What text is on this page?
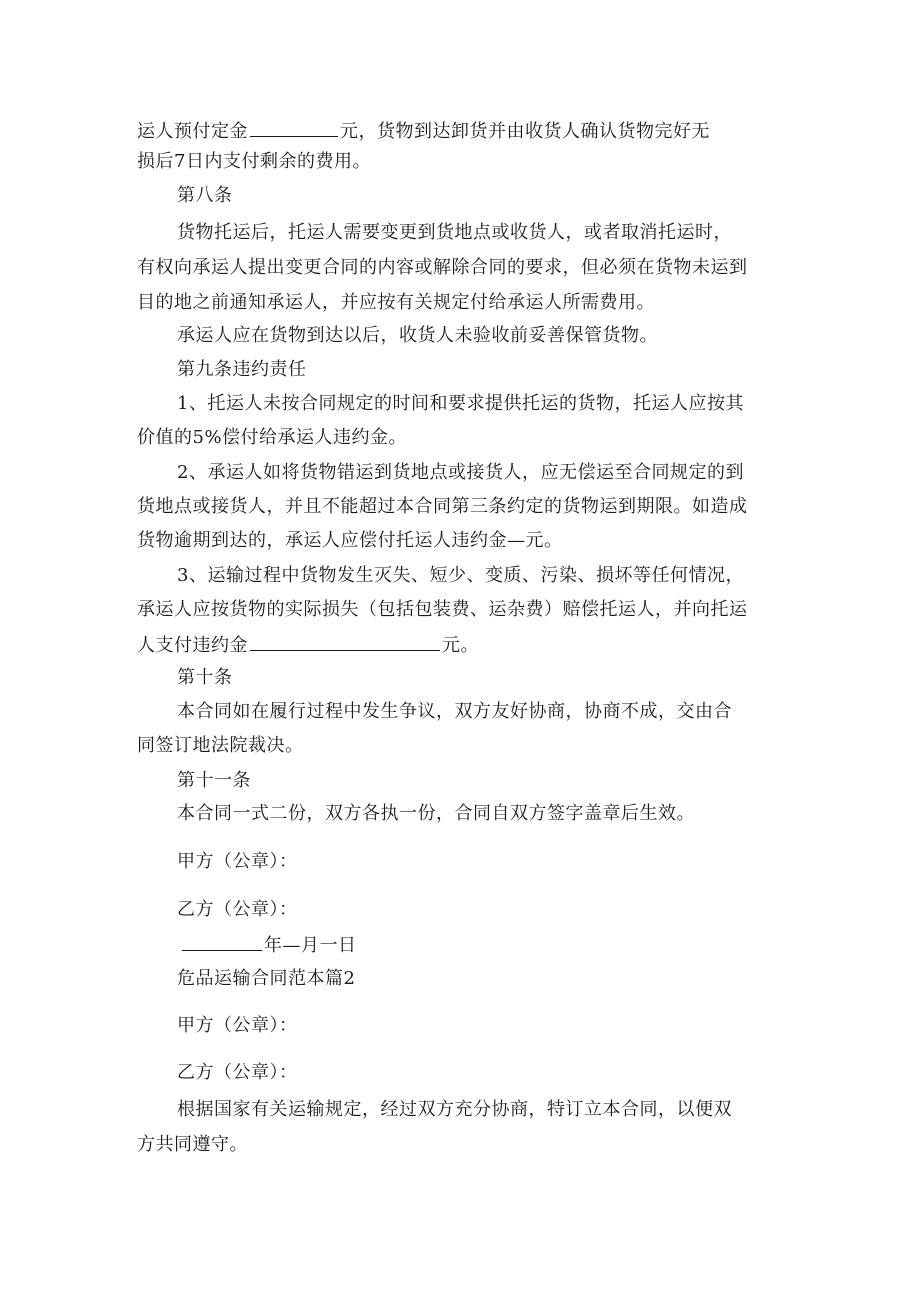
运人预付定金	元，货物到达卸货并由收货人确认货物完好无
损后7日内支付剩余的费用。
第八条
货物托运后，托运人需要变更到货地点或收货人，或者取消托运时，
有权向承运人提出变更合同的内容或解除合同的要求，但必须在货物未运到
目的地之前通知承运人，并应按有关规定付给承运人所需费用。
承运人应在货物到达以后，收货人未验收前妥善保管货物。
第九条违约责任
1、托运人未按合同规定的时间和要求提供托运的货物，托运人应按其
价值的5%偿付给承运人违约金。
2、承运人如将货物错运到货地点或接货人，应无偿运至合同规定的到
货地点或接货人，并且不能超过本合同第三条约定的货物运到期限。如造成
货物逾期到达的，承运人应偿付托运人违约金—元。
3、运输过程中货物发生灭失、短少、变质、污染、损坏等任何情况，
承运人应按货物的实际损失（包括包装费、运杂费）赔偿托运人，并向托运
人支付违约金	元。
第十条
本合同如在履行过程中发生争议，双方友好协商，协商不成，交由合
同签订地法院裁决。
第十一条
本合同一式二份，双方各执一份，合同自双方签字盖章后生效。
甲方（公章）：
乙方（公章）：
年—月一日
危品运输合同范本篇2
甲方（公章）：
乙方（公章）：
根据国家有关运输规定，经过双方充分协商，特订立本合同，以便双
方共同遵守。
